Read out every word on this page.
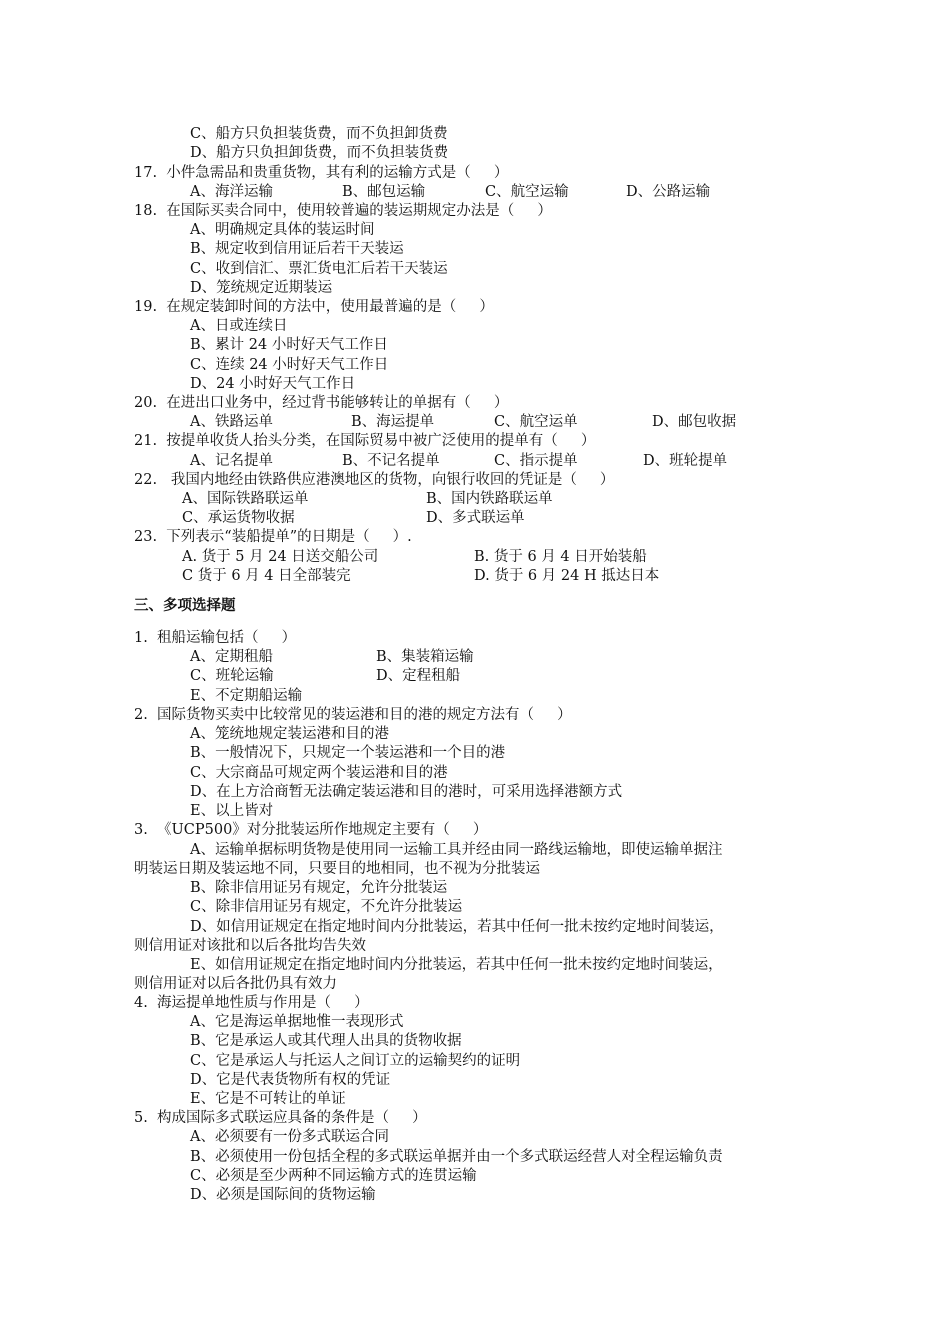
C、船方只负担装货费，而不负担卸货费
D、船方只负担卸货费，而不负担装货费
17.  小件急需品和贵重货物，其有利的运输方式是（     ）
A、海洋运输	B、邮包运输	C、航空运输	D、公路运输
18.  在国际买卖合同中，使用较普遍的装运期规定办法是（     ）
A、明确规定具体的装运时间
B、规定收到信用证后若干天装运
C、收到信汇、票汇货电汇后若干天装运
D、笼统规定近期装运
19.  在规定装卸时间的方法中，使用最普遍的是（     ）
A、日或连续日
B、累计 24 小时好天气工作日
C、连续 24 小时好天气工作日
D、24 小时好天气工作日
20.  在进出口业务中，经过背书能够转让的单据有（     ）
A、铁路运单	B、海运提单	C、航空运单	D、邮包收据
21.  按提单收货人抬头分类，在国际贸易中被广泛使用的提单有（     ）
A、记名提单	B、不记名提单	C、指示提单	D、班轮提单
22.   我国内地经由铁路供应港澳地区的货物，向银行收回的凭证是（     ）
A、国际铁路联运单	B、国内铁路联运单
C、承运货物收据	D、多式联运单
23.  下列表示“装船提单”的日期是（     ）.
A. 货于 5 月 24 日送交船公司	B. 货于 6 月 4 日开始装船
C 货于 6 月 4 日全部装完	D. 货于 6 月 24 H 抵达日本
三、多项选择题
1.  租船运输包括（     ）
A、定期租船	B、集装箱运输
C、班轮运输	D、定程租船
E、不定期船运输
2.  国际货物买卖中比较常见的装运港和目的港的规定方法有（     ）
A、笼统地规定装运港和目的港
B、一般情况下，只规定一个装运港和一个目的港
C、大宗商品可规定两个装运港和目的港
D、在上方洽商暂无法确定装运港和目的港时，可采用选择港额方式
E、以上皆对
3.  《UCP500》对分批装运所作地规定主要有（     ）
A、运输单据标明货物是使用同一运输工具并经由同一路线运输地，即使运输单据注
明装运日期及装运地不同，只要目的地相同，也不视为分批装运
B、除非信用证另有规定，允许分批装运
C、除非信用证另有规定，不允许分批装运
D、如信用证规定在指定地时间内分批装运，若其中任何一批未按约定地时间装运，
则信用证对该批和以后各批均告失效
E、如信用证规定在指定地时间内分批装运，若其中任何一批未按约定地时间装运，
则信用证对以后各批仍具有效力
4.  海运提单地性质与作用是（     ）
A、它是海运单据地惟一表现形式
B、它是承运人或其代理人出具的货物收据
C、它是承运人与托运人之间订立的运输契约的证明
D、它是代表货物所有权的凭证
E、它是不可转让的单证
5.  构成国际多式联运应具备的条件是（     ）
A、必须要有一份多式联运合同
B、必须使用一份包括全程的多式联运单据并由一个多式联运经营人对全程运输负责
C、必须是至少两种不同运输方式的连贯运输
D、必须是国际间的货物运输
